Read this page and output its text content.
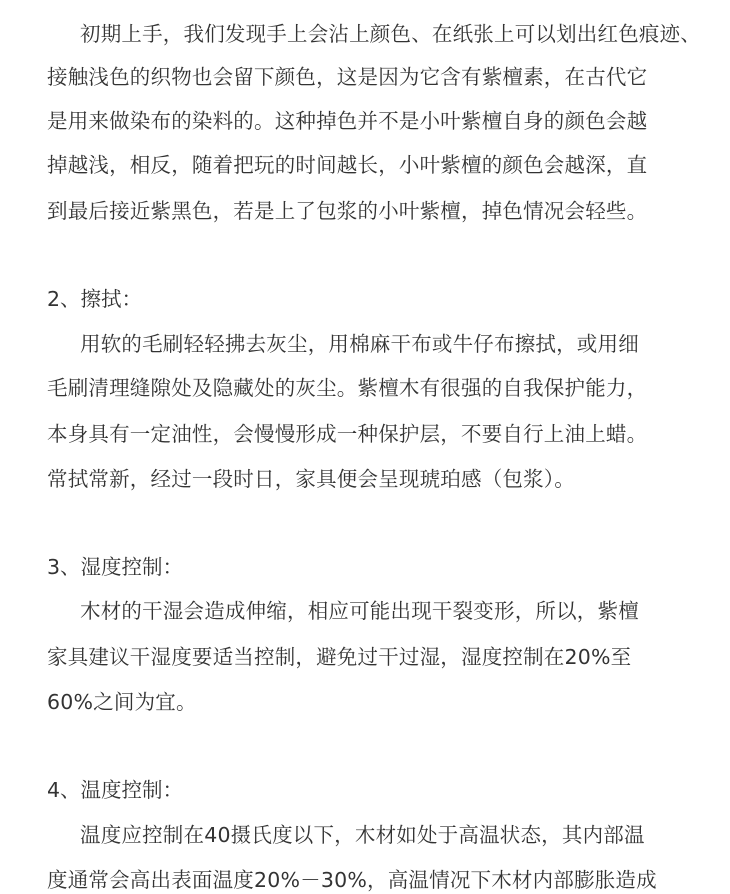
初期上手，我们发现手上会沾上颜色、在纸张上可以划出红色痕迹、
接触浅色的织物也会留下颜色，这是因为它含有紫檀素，在古代它
是用来做染布的染料的。这种掉色并不是小叶紫檀自身的颜色会越
掉越浅，相反，随着把玩的时间越长，小叶紫檀的颜色会越深，直
到最后接近紫黑色，若是上了包浆的小叶紫檀，掉色情况会轻些。
2、擦拭：
用软的毛刷轻轻拂去灰尘，用棉麻干布或牛仔布擦拭，或用细
毛刷清理缝隙处及隐藏处的灰尘。紫檀木有很强的自我保护能力，
本身具有一定油性，会慢慢形成一种保护层，不要自行上油上蜡。
常拭常新，经过一段时日，家具便会呈现琥珀感（包浆）。
3、湿度控制：
木材的干湿会造成伸缩，相应可能出现干裂变形，所以，紫檀
家具建议干湿度要适当控制，避免过干过湿，湿度控制在20%至
60%之间为宜。
4、温度控制：
温度应控制在40摄氏度以下，木材如处于高温状态，其内部温
度通常会高出表面温度20%－30%，高温情况下木材内部膨胀造成
